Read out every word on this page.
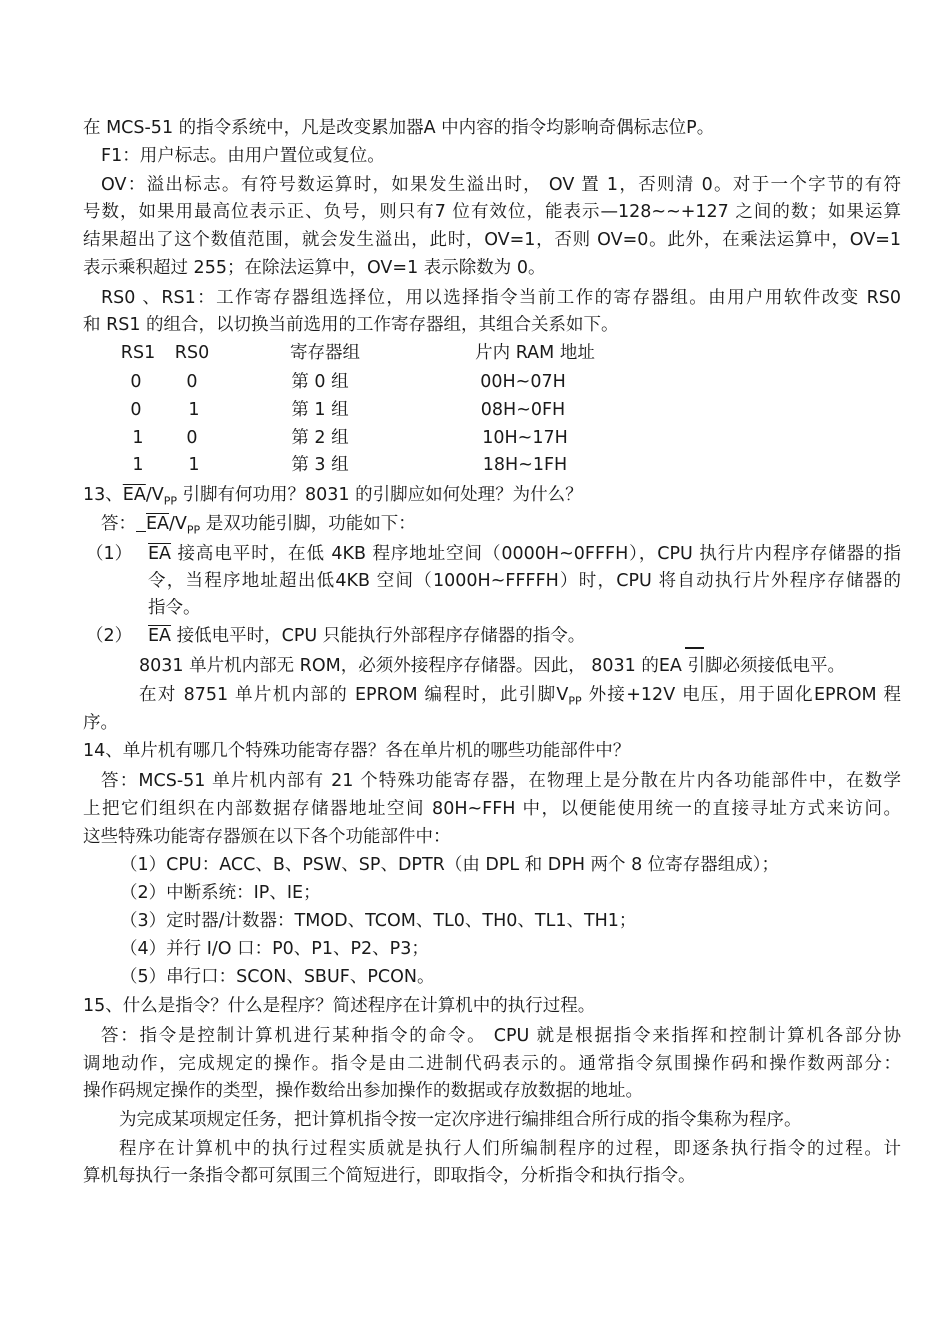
在 MCS-51 的指令系统中，凡是改变累加器A 中内容的指令均影响奇偶标志位P。
F1：用户标志。由用户置位或复位。
OV：溢出标志。有符号数运算时，如果发生溢出时， OV 置 1，否则清 0。对于一个字节的有符
号数，如果用最高位表示正、负号，则只有7 位有效位，能表示—128~~+127 之间的数；如果运算
结果超出了这个数值范围，就会发生溢出，此时，OV=1，否则 OV=0。此外，在乘法运算中，OV=1
表示乘积超过 255；在除法运算中，OV=1 表示除数为 0。
RS0 、RS1：工作寄存器组选择位，用以选择指令当前工作的寄存器组。由用户用软件改变 RS0
和 RS1 的组合，以切换当前选用的工作寄存器组，其组合关系如下。
RS1 RS0	寄存器组	片内 RAM 地址
0	0	第 0 组	00H~07H
0	1	第 1 组	08H~0FH
1	0	第 2 组	10H~17H
1	1	第 3 组	18H~1FH
13、$\overline{EA}/V_{PP}$ 引脚有何功用？8031 的引脚应如何处理？为什么？
答： $\overline{EA}/V_{PP}$ 是双功能引脚，功能如下：
（1） $\overline{EA}$ 接高电平时，在低 4KB 程序地址空间（0000H~0FFFH），CPU 执行片内程序存储器的指
令，当程序地址超出低4KB 空间（1000H~FFFFH）时，CPU 将自动执行片外程序存储器的
指令。
（2） $\overline{EA}$ 接低电平时，CPU 只能执行外部程序存储器的指令。
8031 单片机内部无 ROM，必须外接程序存储器。因此， 8031 的EA 引脚必须接低电平。
在对 8751 单片机内部的 EPROM 编程时，此引脚$V_{PP}$ 外接+12V 电压，用于固化EPROM 程
序。
14、单片机有哪几个特殊功能寄存器？各在单片机的哪些功能部件中？
答：MCS-51 单片机内部有 21 个特殊功能寄存器，在物理上是分散在片内各功能部件中，在数学
上把它们组织在内部数据存储器地址空间 80H~FFH 中，以便能使用统一的直接寻址方式来访问。
这些特殊功能寄存器颁在以下各个功能部件中：
（1）CPU：ACC、B、PSW、SP、DPTR（由 DPL 和 DPH 两个 8 位寄存器组成）；
（2）中断系统：IP、IE；
（3）定时器/计数器：TMOD、TCOM、TL0、TH0、TL1、TH1；
（4）并行 I/O 口：P0、P1、P2、P3；
（5）串行口：SCON、SBUF、PCON。
15、什么是指令？什么是程序？简述程序在计算机中的执行过程。
答：指令是控制计算机进行某种指令的命令。 CPU 就是根据指令来指挥和控制计算机各部分协
调地动作，完成规定的操作。指令是由二进制代码表示的。通常指令氛围操作码和操作数两部分：
操作码规定操作的类型，操作数给出参加操作的数据或存放数据的地址。
为完成某项规定任务，把计算机指令按一定次序进行编排组合所行成的指令集称为程序。
程序在计算机中的执行过程实质就是执行人们所编制程序的过程，即逐条执行指令的过程。计
算机每执行一条指令都可氛围三个简短进行，即取指令，分析指令和执行指令。
